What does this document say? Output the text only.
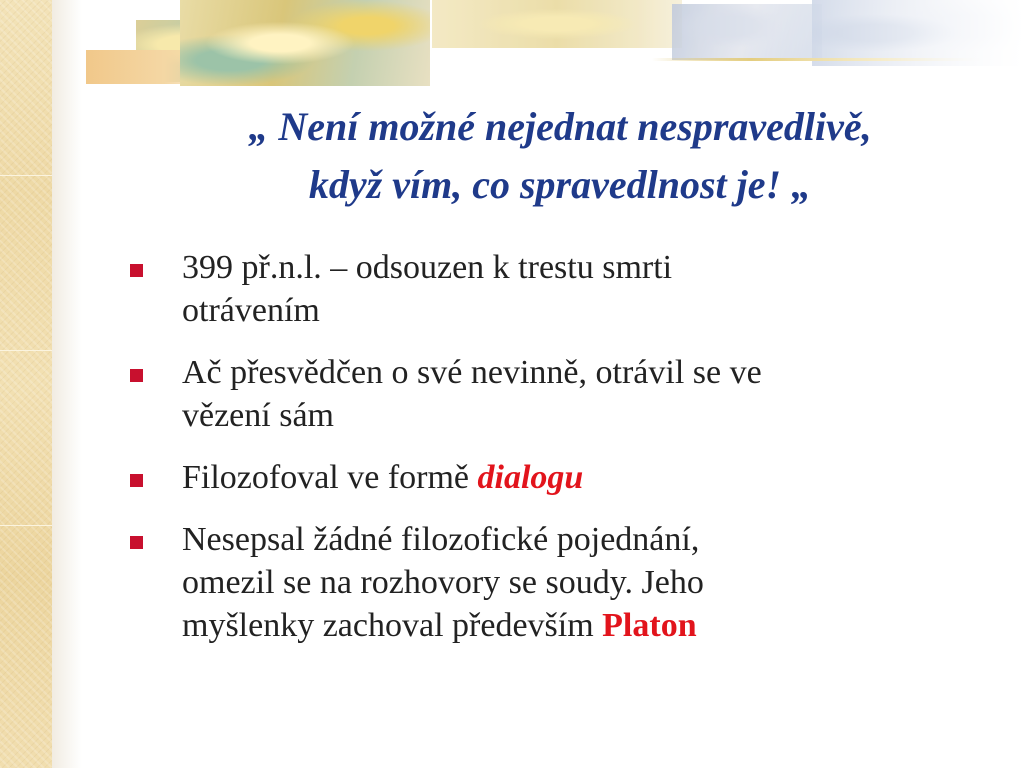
„ Není možné nejednat nespravedlivě,
když vím, co spravedlnost je! „
399 př.n.l. – odsouzen k trestu smrti
otrávením
Ač přesvědčen o své nevinně, otrávil se ve
vězení sám
Filozofoval ve formě dialogu
Nesepsal žádné filozofické pojednání,
omezil se na rozhovory se soudy. Jeho
myšlenky zachoval především Platon
